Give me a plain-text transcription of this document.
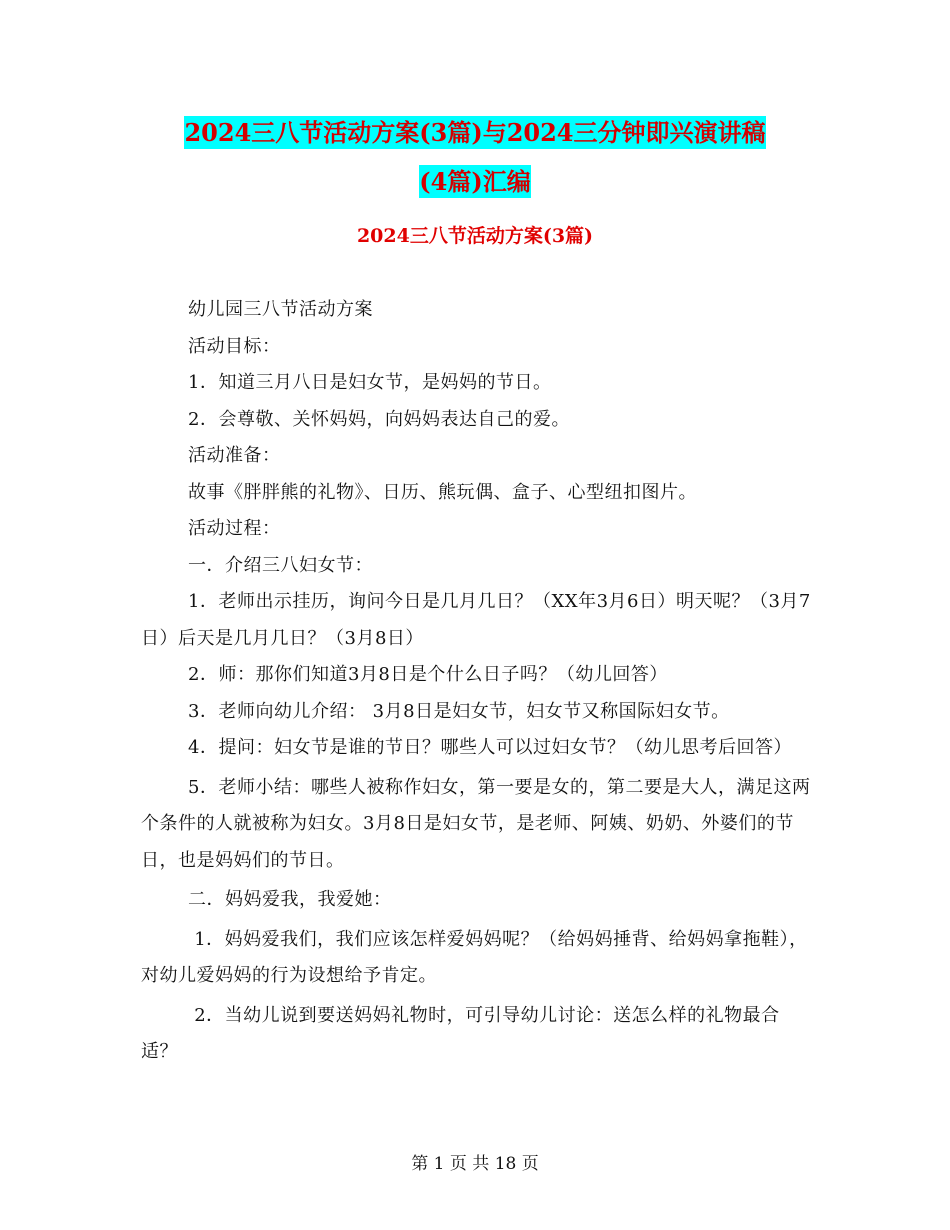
2024三八节活动方案(3篇)与2024三分钟即兴演讲稿
(4篇)汇编
2024三八节活动方案(3篇)

幼儿园三八节活动方案

活动目标：

1．知道三月八日是妇女节，是妈妈的节日。

2．会尊敬、关怀妈妈，向妈妈表达自己的爱。

活动准备：

故事《胖胖熊的礼物》、日历、熊玩偶、盒子、心型纽扣图片。

活动过程：

一．介绍三八妇女节：

1．老师出示挂历，询问今日是几月几日？（XX年3月6日）明天呢？（3月7日）后天是几月几日？（3月8日）

2．师：那你们知道3月8日是个什么日子吗？（幼儿回答）

3．老师向幼儿介绍： 3月8日是妇女节，妇女节又称国际妇女节。

4．提问：妇女节是谁的节日？哪些人可以过妇女节？（幼儿思考后回答）

5．老师小结：哪些人被称作妇女，第一要是女的，第二要是大人，满足这两个条件的人就被称为妇女。3月8日是妇女节，是老师、阿姨、奶奶、外婆们的节日，也是妈妈们的节日。

二．妈妈爱我，我爱她：

1．妈妈爱我们，我们应该怎样爱妈妈呢？（给妈妈捶背、给妈妈拿拖鞋），对幼儿爱妈妈的行为设想给予肯定。

2．当幼儿说到要送妈妈礼物时，可引导幼儿讨论：送怎么样的礼物最合适？

第 1 页 共 18 页
